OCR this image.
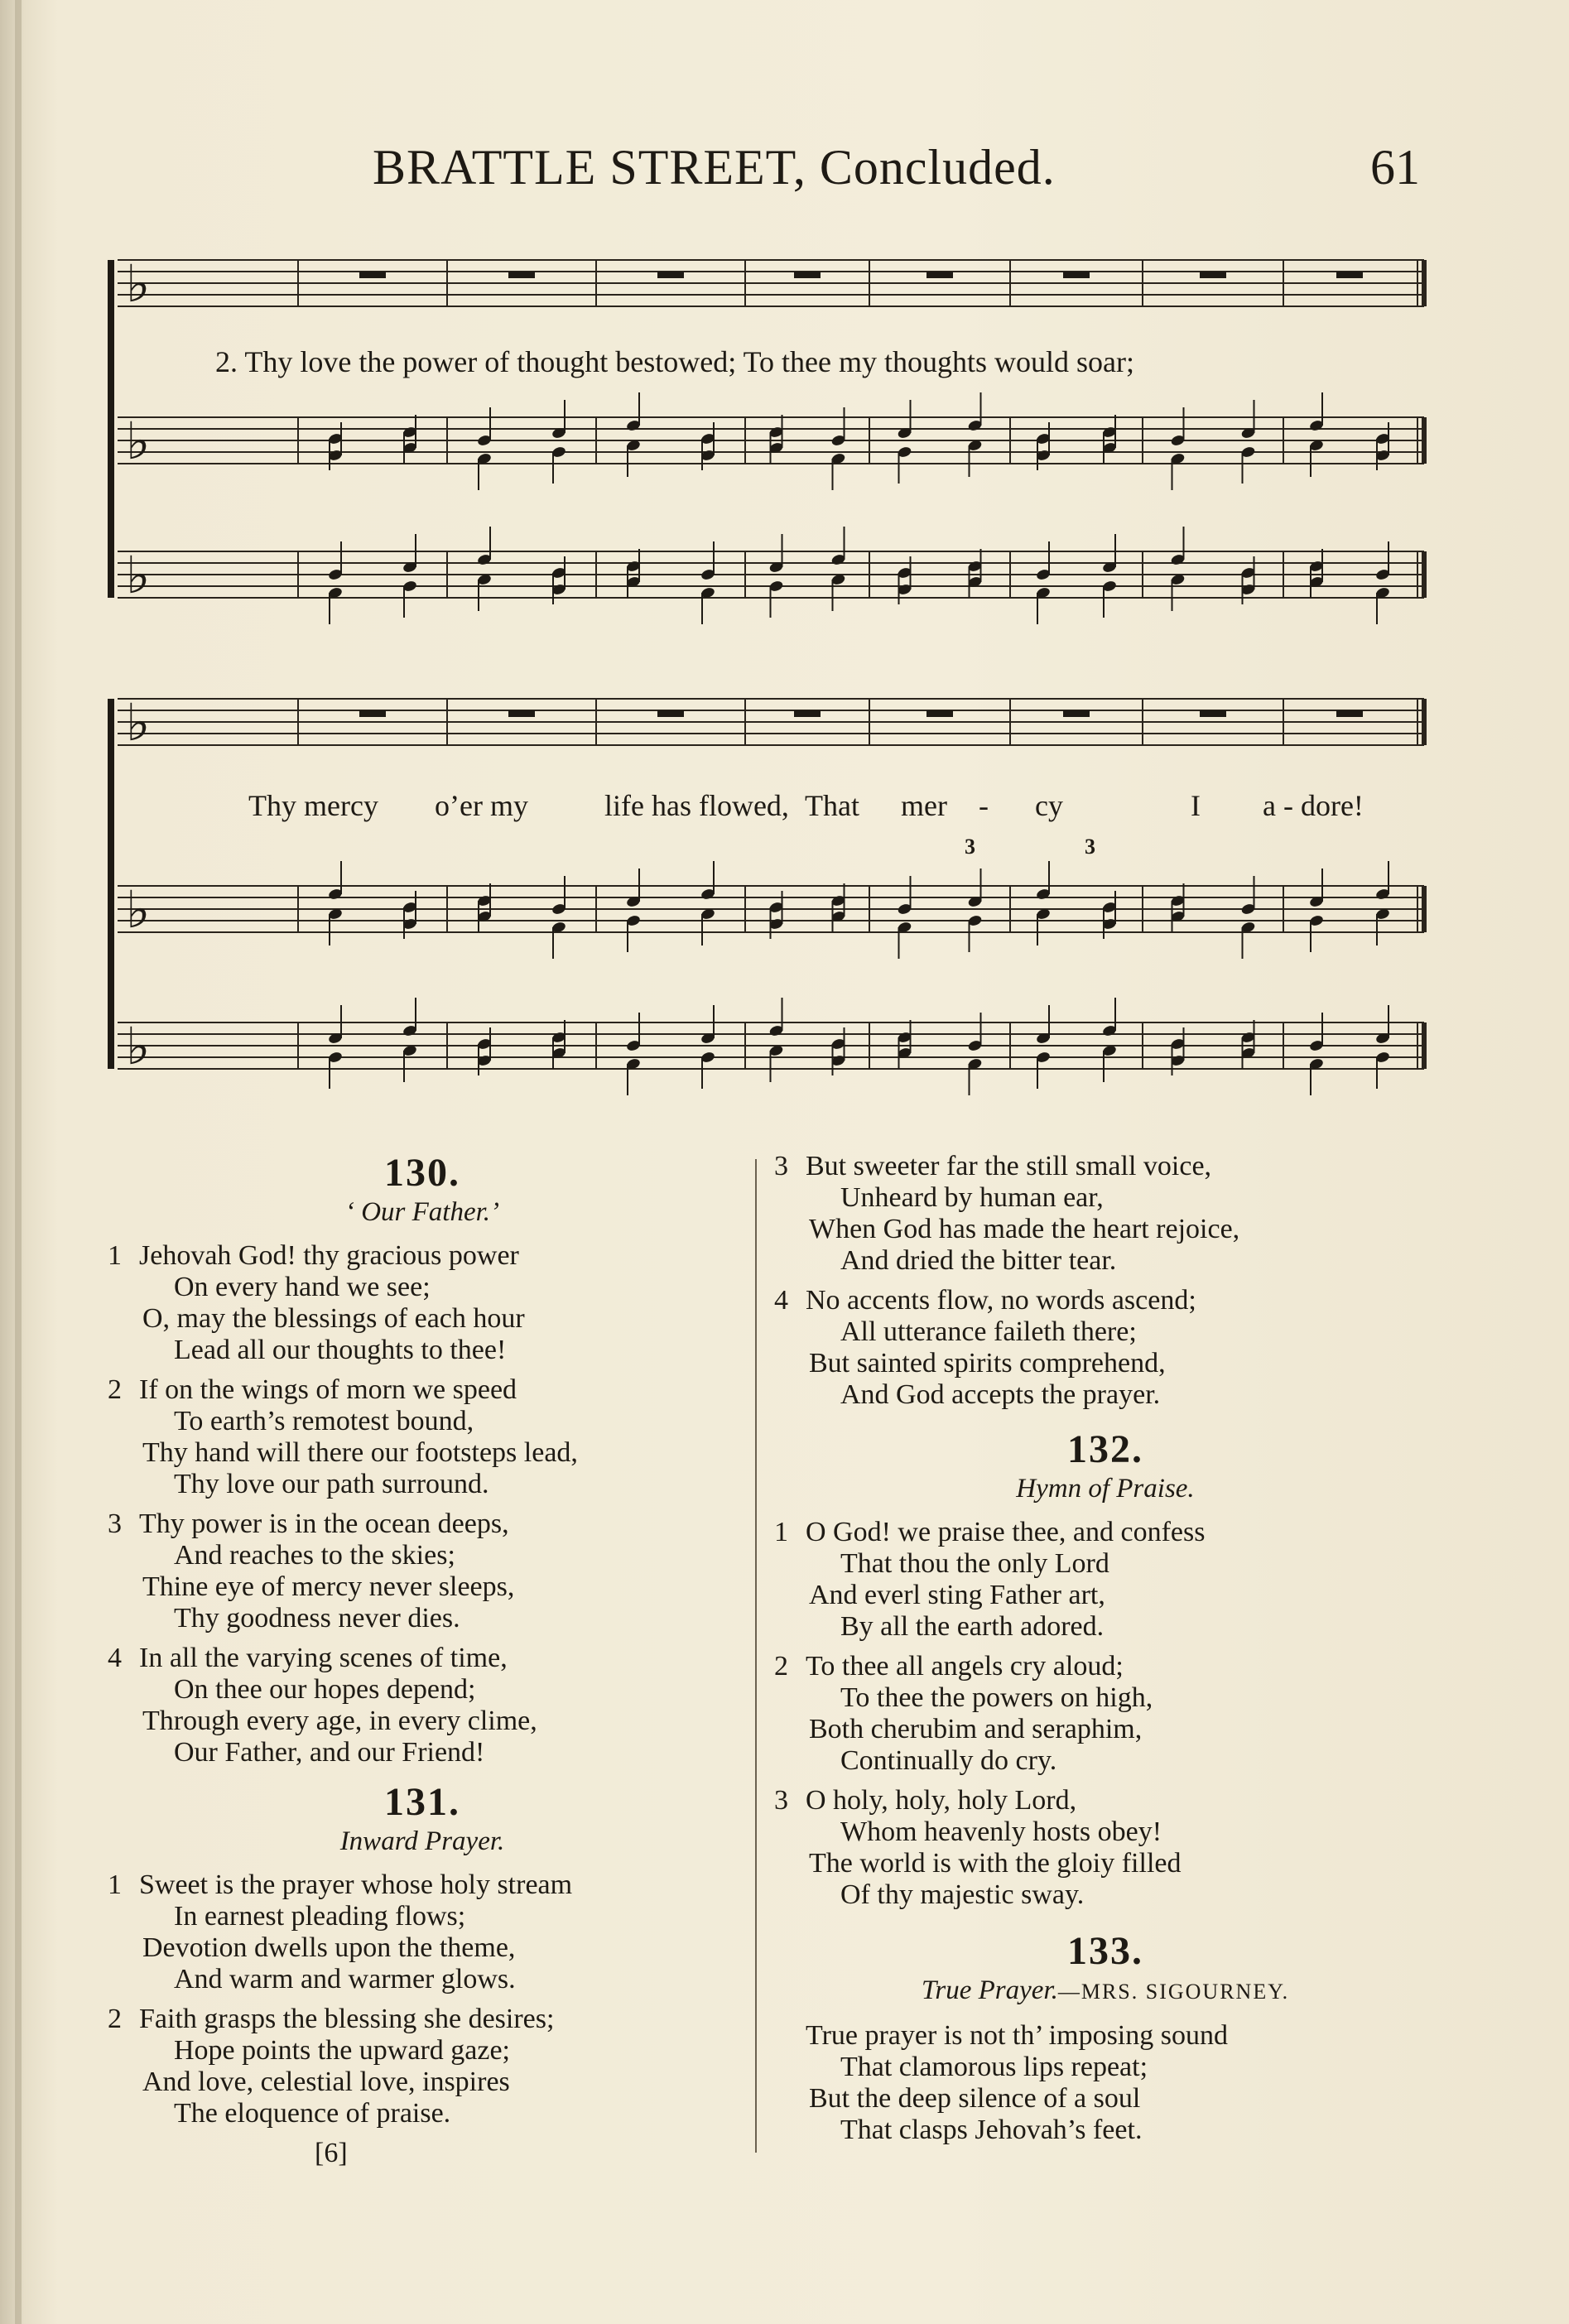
BRATTLE STREET, Concluded.	61
♭
♭
♭
2. Thy love the power of thought bestowed; To thee my thoughts would soar;
♭
♭
♭
Thy mercy o’er my	life has flowed, That mer - cy	I a - dore!
3	3
130.
‘ Our Father.’
1 Jehovah God! thy gracious power
On every hand we see;
O, may the blessings of each hour
Lead all our thoughts to thee!
2 If on the wings of morn we speed
To earth’s remotest bound,
Thy hand will there our footsteps lead,
Thy love our path surround.
3 Thy power is in the ocean deeps,
And reaches to the skies;
Thine eye of mercy never sleeps,
Thy goodness never dies.
4 In all the varying scenes of time,
On thee our hopes depend;
Through every age, in every clime,
Our Father, and our Friend!
131.
Inward Prayer.
1 Sweet is the prayer whose holy stream
In earnest pleading flows;
Devotion dwells upon the theme,
And warm and warmer glows.
2 Faith grasps the blessing she desires;
Hope points the upward gaze;
And love, celestial love, inspires
The eloquence of praise.
[6]
3 But sweeter far the still small voice,
Unheard by human ear,
When God has made the heart rejoice,
And dried the bitter tear.
4 No accents flow, no words ascend;
All utterance faileth there;
But sainted spirits comprehend,
And God accepts the prayer.
132.
Hymn of Praise.
1 O God! we praise thee, and confess
That thou the only Lord
And everl sting Father art,
By all the earth adored.
2 To thee all angels cry aloud;
To thee the powers on high,
Both cherubim and seraphim,
Continually do cry.
3 O holy, holy, holy Lord,
Whom heavenly hosts obey!
The world is with the gloiy filled
Of thy majestic sway.
133.
True Prayer.—MRS. SIGOURNEY.
True prayer is not th’ imposing sound
That clamorous lips repeat;
But the deep silence of a soul
That clasps Jehovah’s feet.
